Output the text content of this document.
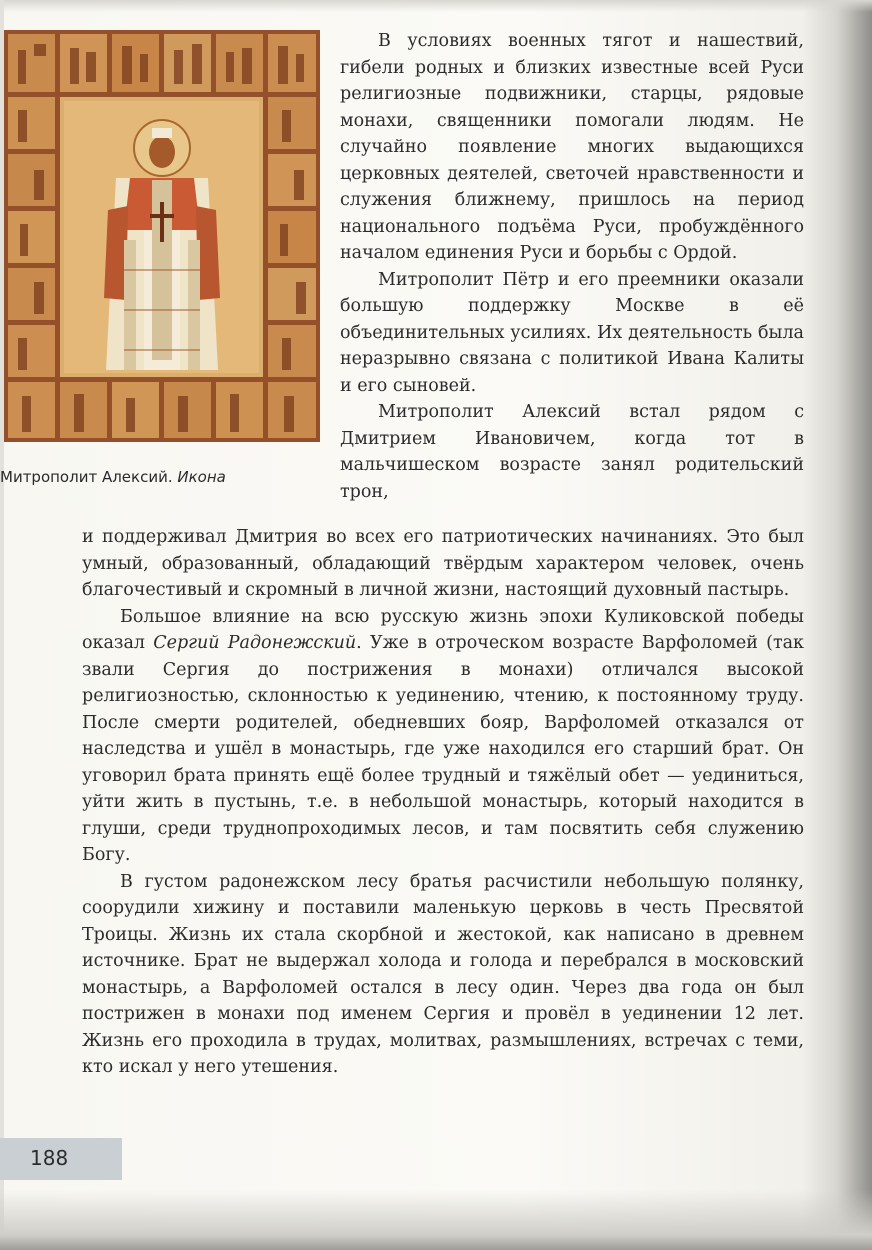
Митрополит Алексий. Икона

В условиях военных тягот и нашествий, гибели родных и близких известные всей Руси религиозные подвижники, старцы, рядовые монахи, священники помогали людям. Не случайно появление многих выдающихся церковных деятелей, светочей нравственности и служения ближнему, пришлось на период национального подъёма Руси, пробуждённого началом единения Руси и борьбы с Ордой.

Митрополит Пётр и его преемники оказали большую поддержку Москве в её объединительных усилиях. Их деятельность была неразрывно связана с политикой Ивана Калиты и его сыновей.

Митрополит Алексий встал рядом с Дмитрием Ивановичем, когда тот в мальчишеском возрасте занял родительский трон,

и поддерживал Дмитрия во всех его патриотических начинаниях. Это был умный, образованный, обладающий твёрдым характером человек, очень благочестивый и скромный в личной жизни, настоящий духовный пастырь.

Большое влияние на всю русскую жизнь эпохи Куликовской победы оказал Сергий Радонежский. Уже в отроческом возрасте Варфоломей (так звали Сергия до пострижения в монахи) отличался высокой религиозностью, склонностью к уединению, чтению, к постоянному труду. После смерти родителей, обедневших бояр, Варфоломей отказался от наследства и ушёл в монастырь, где уже находился его старший брат. Он уговорил брата принять ещё более трудный и тяжёлый обет — уединиться, уйти жить в пустынь, т.е. в небольшой монастырь, который находится в глуши, среди труднопроходимых лесов, и там посвятить себя служению Богу.

В густом радонежском лесу братья расчистили небольшую полянку, соорудили хижину и поставили маленькую церковь в честь Пресвятой Троицы. Жизнь их стала скорбной и жестокой, как написано в древнем источнике. Брат не выдержал холода и голода и перебрался в московский монастырь, а Варфоломей остался в лесу один. Через два года он был пострижен в монахи под именем Сергия и провёл в уединении 12 лет. Жизнь его проходила в трудах, молитвах, размышлениях, встречах с теми, кто искал у него утешения.

188
